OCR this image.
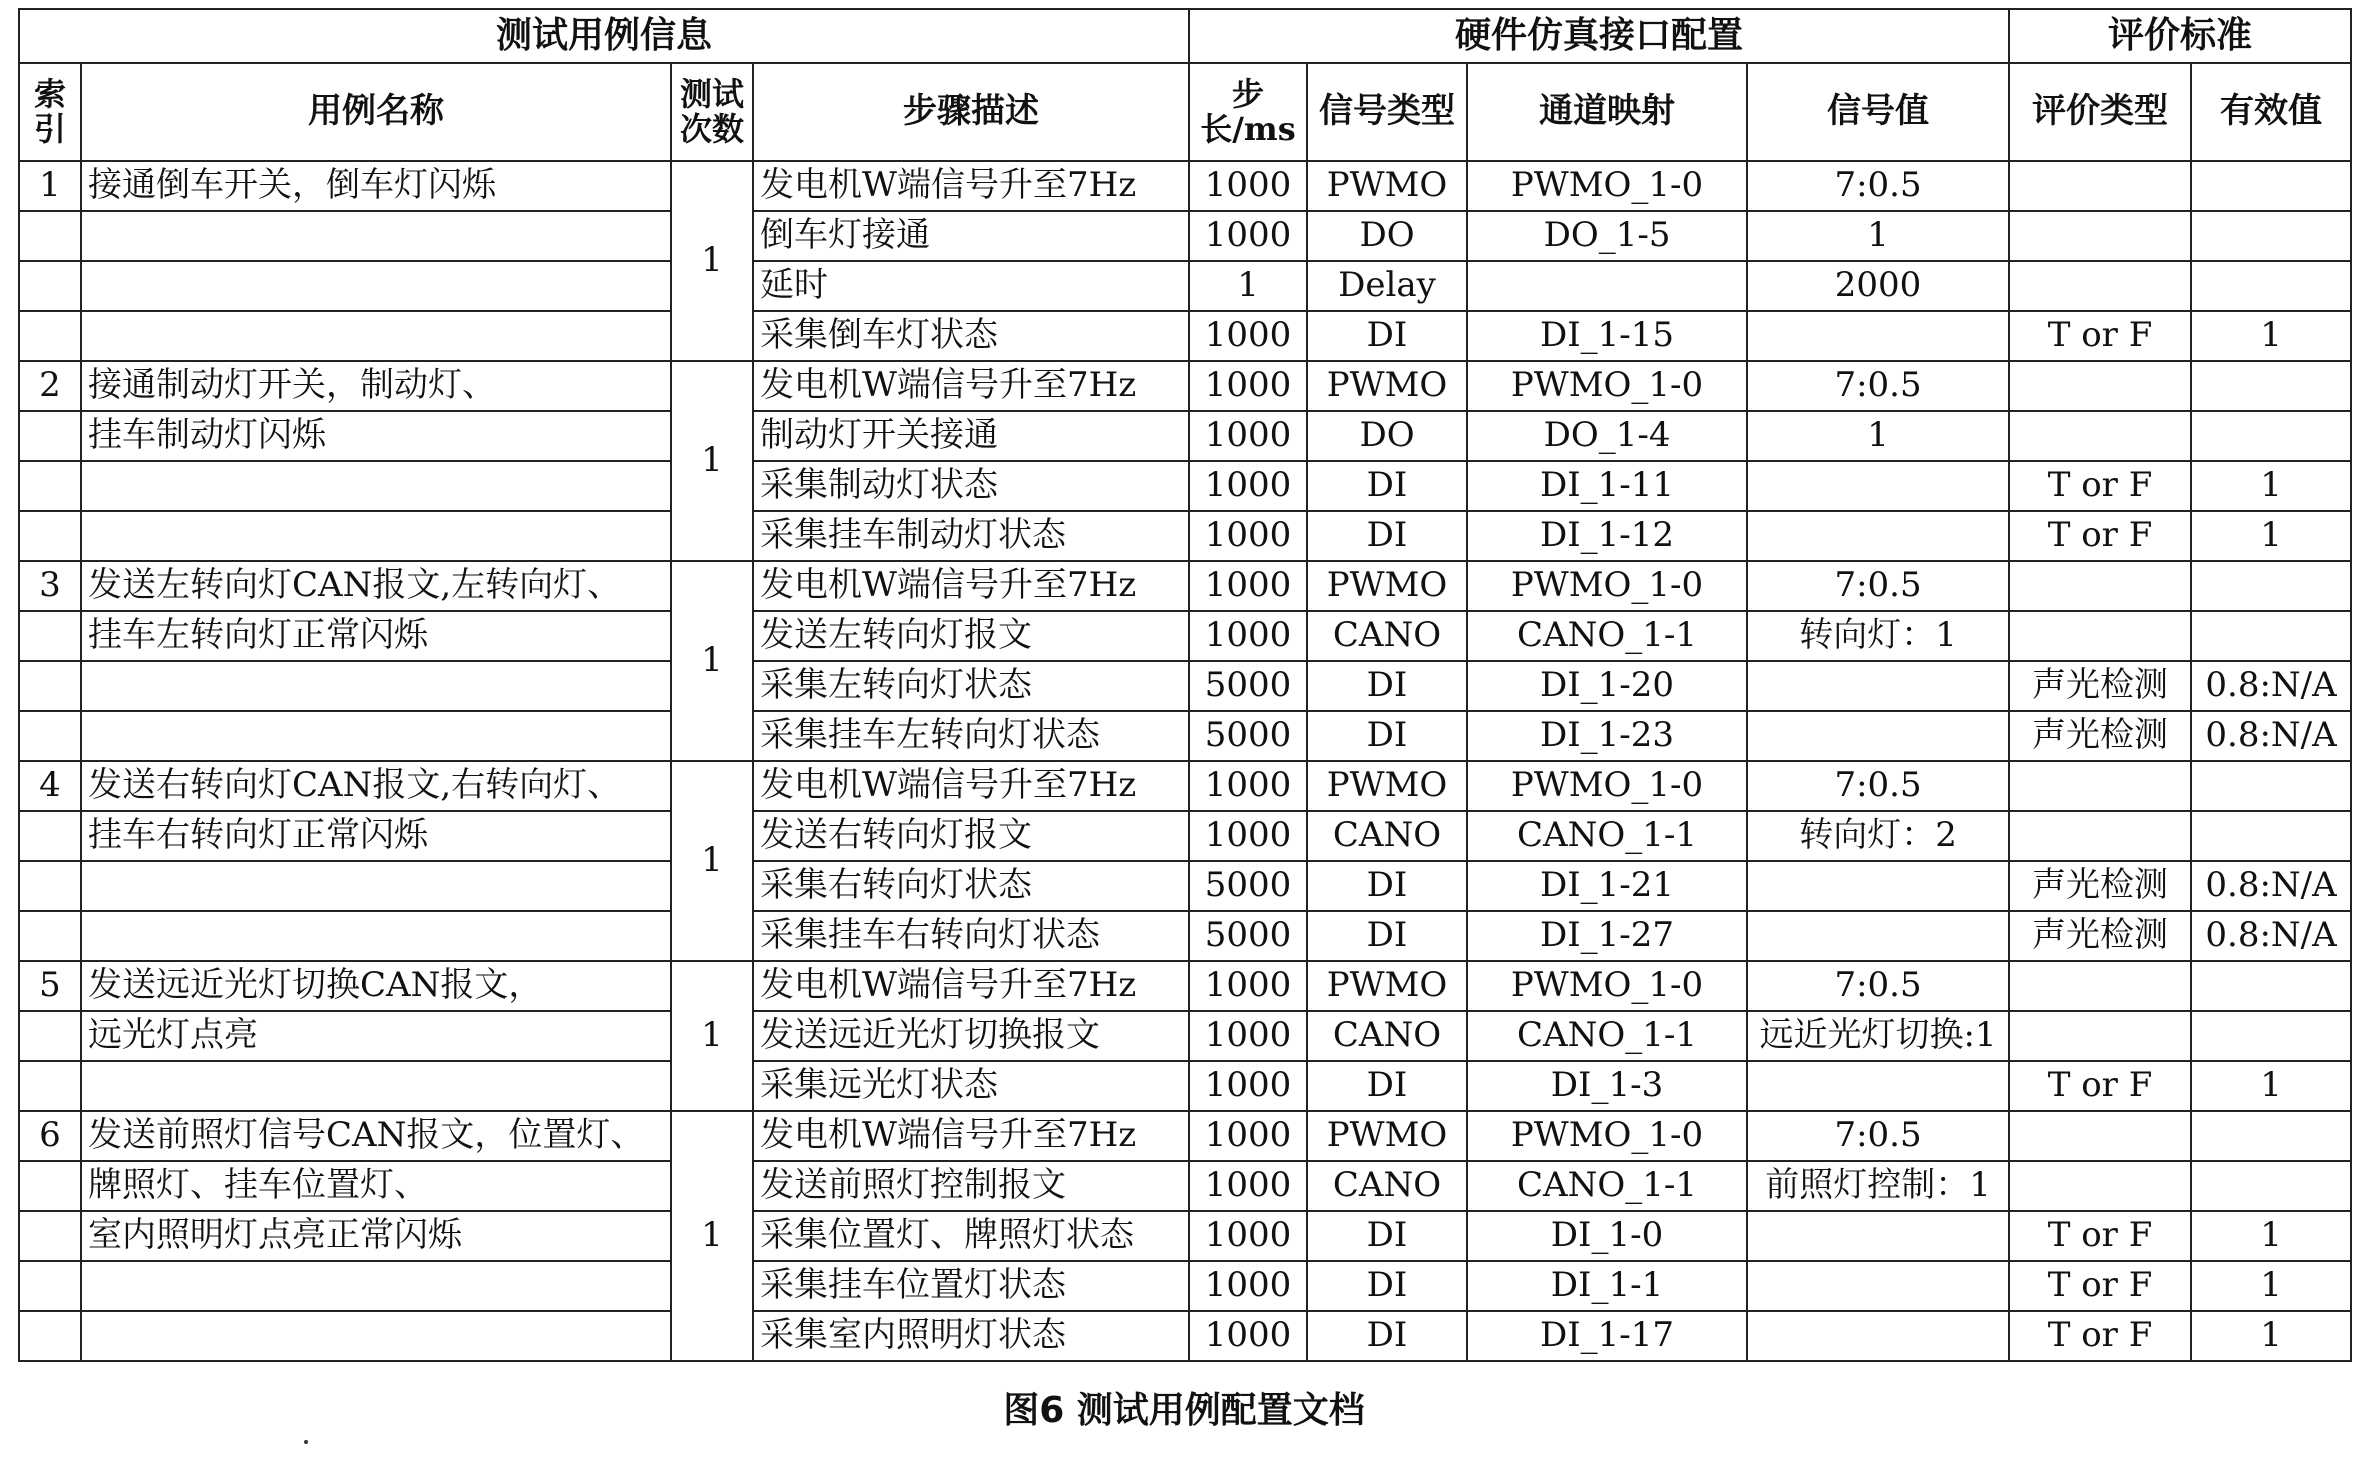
测试用例信息				硬件仿真接口配置				评价标准	
索引	用例名称	测试次数	步骤描述	步长/ms	信号类型	通道映射	信号值	评价类型	有效值
1	接通倒车开关，倒车灯闪烁	1	发电机W端信号升至7Hz	1000	PWMO	PWMO_1-0	7:0.5		
			倒车灯接通	1000	DO	DO_1-5	1		
			延时	1	Delay		2000		
			采集倒车灯状态	1000	DI	DI_1-15		T or F	1
2	接通制动灯开关，制动灯、	1	发电机W端信号升至7Hz	1000	PWMO	PWMO_1-0	7:0.5		
	挂车制动灯闪烁		制动灯开关接通	1000	DO	DO_1-4	1		
			采集制动灯状态	1000	DI	DI_1-11		T or F	1
			采集挂车制动灯状态	1000	DI	DI_1-12		T or F	1
3	发送左转向灯CAN报文,左转向灯、	1	发电机W端信号升至7Hz	1000	PWMO	PWMO_1-0	7:0.5		
	挂车左转向灯正常闪烁		发送左转向灯报文	1000	CANO	CANO_1-1	转向灯：1		
			采集左转向灯状态	5000	DI	DI_1-20		声光检测	0.8:N/A
			采集挂车左转向灯状态	5000	DI	DI_1-23		声光检测	0.8:N/A
4	发送右转向灯CAN报文,右转向灯、	1	发电机W端信号升至7Hz	1000	PWMO	PWMO_1-0	7:0.5		
	挂车右转向灯正常闪烁		发送右转向灯报文	1000	CANO	CANO_1-1	转向灯：2		
			采集右转向灯状态	5000	DI	DI_1-21		声光检测	0.8:N/A
			采集挂车右转向灯状态	5000	DI	DI_1-27		声光检测	0.8:N/A
5	发送远近光灯切换CAN报文，	1	发电机W端信号升至7Hz	1000	PWMO	PWMO_1-0	7:0.5		
	远光灯点亮		发送远近光灯切换报文	1000	CANO	CANO_1-1	远近光灯切换:1		
			采集远光灯状态	1000	DI	DI_1-3		T or F	1
6	发送前照灯信号CAN报文，位置灯、	1	发电机W端信号升至7Hz	1000	PWMO	PWMO_1-0	7:0.5		
	牌照灯、挂车位置灯、		发送前照灯控制报文	1000	CANO	CANO_1-1	前照灯控制：1		
	室内照明灯点亮正常闪烁		采集位置灯、牌照灯状态	1000	DI	DI_1-0		T or F	1
			采集挂车位置灯状态	1000	DI	DI_1-1		T or F	1
			采集室内照明灯状态	1000	DI	DI_1-17		T or F	1
图6 测试用例配置文档
